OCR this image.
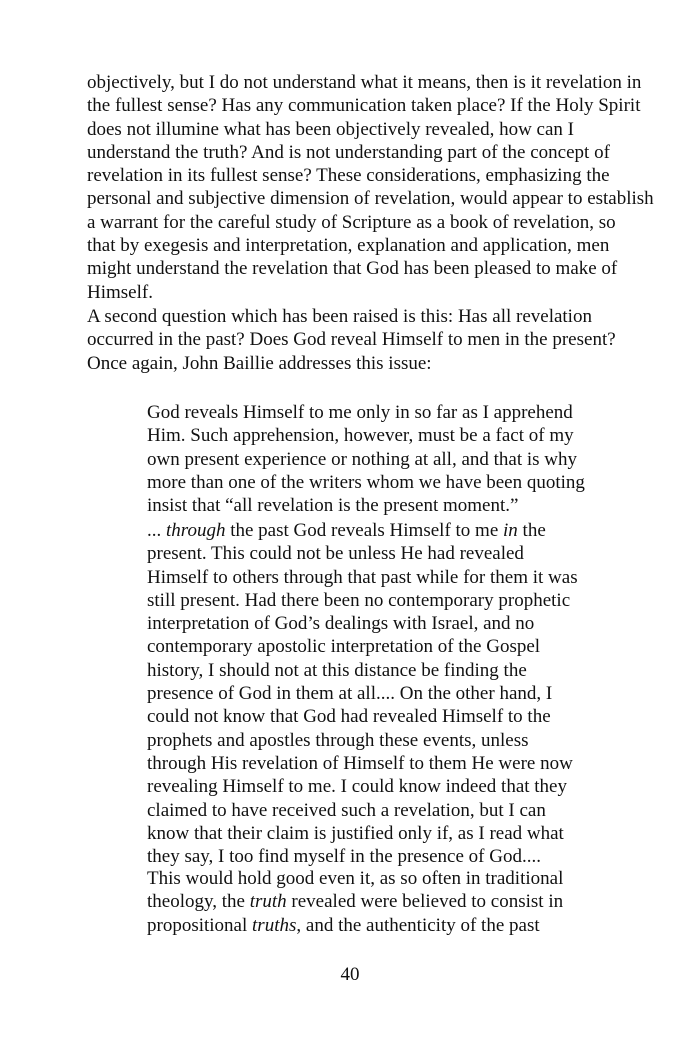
objectively, but I do not understand what it means, then is it revelation in
the fullest sense? Has any communication taken place? If the Holy Spirit
does not illumine what has been objectively revealed, how can I
understand the truth? And is not understanding part of the concept of
revelation in its fullest sense? These considerations, emphasizing the
personal and subjective dimension of revelation, would appear to establish
a warrant for the careful study of Scripture as a book of revelation, so
that by exegesis and interpretation, explanation and application, men
might understand the revelation that God has been pleased to make of
Himself.
A second question which has been raised is this: Has all revelation
occurred in the past? Does God reveal Himself to men in the present?
Once again, John Baillie addresses this issue:
God reveals Himself to me only in so far as I apprehend
Him. Such apprehension, however, must be a fact of my
own present experience or nothing at all, and that is why
more than one of the writers whom we have been quoting
insist that “all revelation is the present moment.”
... through the past God reveals Himself to me in the
present. This could not be unless He had revealed
Himself to others through that past while for them it was
still present. Had there been no contemporary prophetic
interpretation of God’s dealings with Israel, and no
contemporary apostolic interpretation of the Gospel
history, I should not at this distance be finding the
presence of God in them at all.... On the other hand, I
could not know that God had revealed Himself to the
prophets and apostles through these events, unless
through His revelation of Himself to them He were now
revealing Himself to me. I could know indeed that they
claimed to have received such a revelation, but I can
know that their claim is justified only if, as I read what
they say, I too find myself in the presence of God....
This would hold good even it, as so often in traditional
theology, the truth revealed were believed to consist in
propositional truths, and the authenticity of the past
40
